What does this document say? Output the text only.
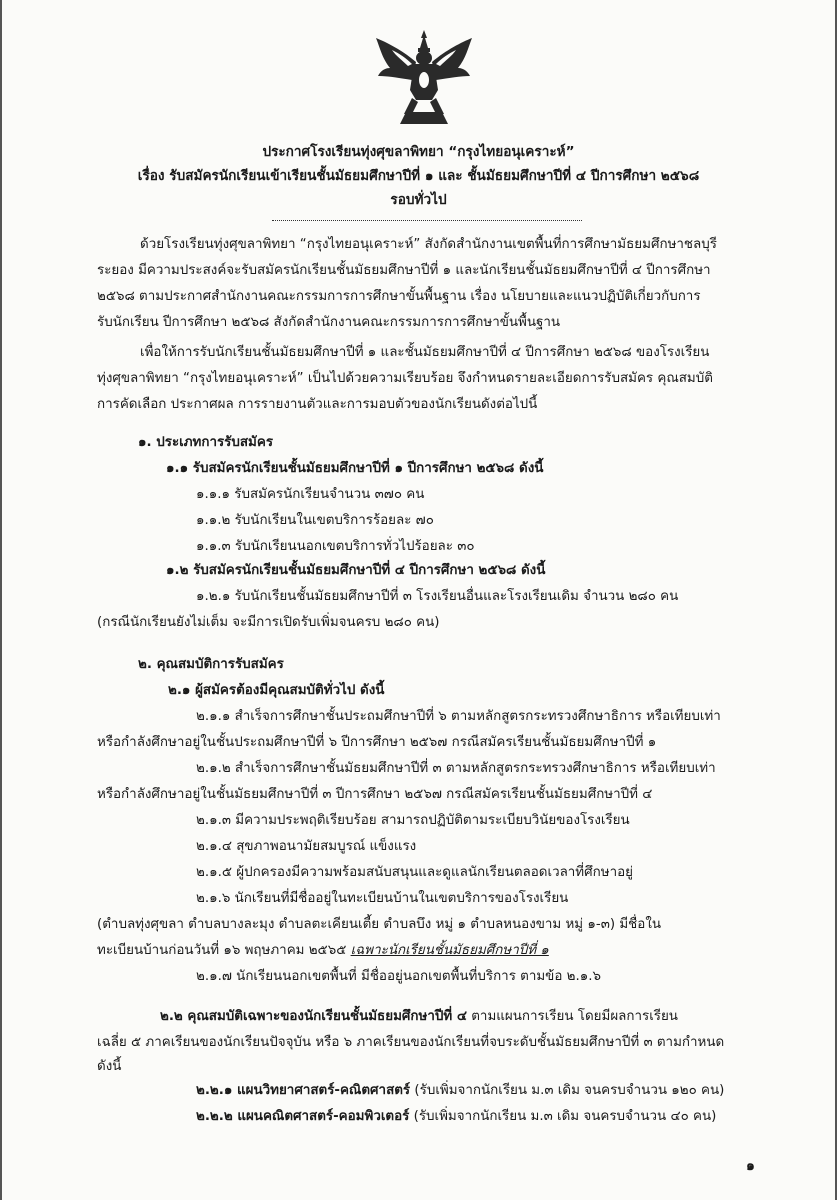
ประกาศโรงเรียนทุ่งศุขลาพิทยา “กรุงไทยอนุเคราะห์”
เรื่อง รับสมัครนักเรียนเข้าเรียนชั้นมัธยมศึกษาปีที่ ๑ และ ชั้นมัธยมศึกษาปีที่ ๔ ปีการศึกษา ๒๕๖๘
รอบทั่วไป
ด้วยโรงเรียนทุ่งศุขลาพิทยา “กรุงไทยอนุเคราะห์” สังกัดสำนักงานเขตพื้นที่การศึกษามัธยมศึกษาชลบุรี
ระยอง มีความประสงค์จะรับสมัครนักเรียนชั้นมัธยมศึกษาปีที่ ๑ และนักเรียนชั้นมัธยมศึกษาปีที่ ๔ ปีการศึกษา
๒๕๖๘ ตามประกาศสำนักงานคณะกรรมการการศึกษาขั้นพื้นฐาน เรื่อง นโยบายและแนวปฏิบัติเกี่ยวกับการ
รับนักเรียน ปีการศึกษา ๒๕๖๘ สังกัดสำนักงานคณะกรรมการการศึกษาขั้นพื้นฐาน
เพื่อให้การรับนักเรียนชั้นมัธยมศึกษาปีที่ ๑ และชั้นมัธยมศึกษาปีที่ ๔ ปีการศึกษา ๒๕๖๘ ของโรงเรียน
ทุ่งศุขลาพิทยา “กรุงไทยอนุเคราะห์” เป็นไปด้วยความเรียบร้อย จึงกำหนดรายละเอียดการรับสมัคร คุณสมบัติ
การคัดเลือก ประกาศผล การรายงานตัวและการมอบตัวของนักเรียนดังต่อไปนี้
๑. ประเภทการรับสมัคร
๑.๑ รับสมัครนักเรียนชั้นมัธยมศึกษาปีที่ ๑ ปีการศึกษา ๒๕๖๘ ดังนี้
๑.๑.๑ รับสมัครนักเรียนจำนวน ๓๗๐ คน
๑.๑.๒ รับนักเรียนในเขตบริการร้อยละ ๗๐
๑.๑.๓ รับนักเรียนนอกเขตบริการทั่วไปร้อยละ ๓๐
๑.๒ รับสมัครนักเรียนชั้นมัธยมศึกษาปีที่ ๔ ปีการศึกษา ๒๕๖๘ ดังนี้
๑.๒.๑ รับนักเรียนชั้นมัธยมศึกษาปีที่ ๓ โรงเรียนอื่นและโรงเรียนเดิม จำนวน ๒๘๐ คน
(กรณีนักเรียนยังไม่เต็ม จะมีการเปิดรับเพิ่มจนครบ ๒๘๐ คน)
๒. คุณสมบัติการรับสมัคร
๒.๑ ผู้สมัครต้องมีคุณสมบัติทั่วไป ดังนี้
๒.๑.๑ สำเร็จการศึกษาชั้นประถมศึกษาปีที่ ๖ ตามหลักสูตรกระทรวงศึกษาธิการ หรือเทียบเท่า
หรือกำลังศึกษาอยู่ในชั้นประถมศึกษาปีที่ ๖ ปีการศึกษา ๒๕๖๗ กรณีสมัครเรียนชั้นมัธยมศึกษาปีที่ ๑
๒.๑.๒ สำเร็จการศึกษาชั้นมัธยมศึกษาปีที่ ๓ ตามหลักสูตรกระทรวงศึกษาธิการ หรือเทียบเท่า
หรือกำลังศึกษาอยู่ในชั้นมัธยมศึกษาปีที่ ๓ ปีการศึกษา ๒๕๖๗ กรณีสมัครเรียนชั้นมัธยมศึกษาปีที่ ๔
๒.๑.๓ มีความประพฤติเรียบร้อย สามารถปฏิบัติตามระเบียบวินัยของโรงเรียน
๒.๑.๔ สุขภาพอนามัยสมบูรณ์ แข็งแรง
๒.๑.๕ ผู้ปกครองมีความพร้อมสนับสนุนและดูแลนักเรียนตลอดเวลาที่ศึกษาอยู่
๒.๑.๖ นักเรียนที่มีชื่ออยู่ในทะเบียนบ้านในเขตบริการของโรงเรียน
(ตำบลทุ่งศุขลา ตำบลบางละมุง ตำบลตะเคียนเตี้ย ตำบลบึง หมู่ ๑ ตำบลหนองขาม หมู่ ๑-๓) มีชื่อใน
ทะเบียนบ้านก่อนวันที่ ๑๖ พฤษภาคม ๒๕๖๕ เฉพาะนักเรียนชั้นมัธยมศึกษาปีที่ ๑
๒.๑.๗ นักเรียนนอกเขตพื้นที่ มีชื่ออยู่นอกเขตพื้นที่บริการ ตามข้อ ๒.๑.๖
๒.๒ คุณสมบัติเฉพาะของนักเรียนชั้นมัธยมศึกษาปีที่ ๔ ตามแผนการเรียน โดยมีผลการเรียน
เฉลี่ย ๕ ภาคเรียนของนักเรียนปัจจุบัน หรือ ๖ ภาคเรียนของนักเรียนที่จบระดับชั้นมัธยมศึกษาปีที่ ๓ ตามกำหนด
ดังนี้
๒.๒.๑ แผนวิทยาศาสตร์-คณิตศาสตร์ (รับเพิ่มจากนักเรียน ม.๓ เดิม จนครบจำนวน ๑๒๐ คน)
๒.๒.๒ แผนคณิตศาสตร์-คอมพิวเตอร์ (รับเพิ่มจากนักเรียน ม.๓ เดิม จนครบจำนวน ๔๐ คน)
๑
